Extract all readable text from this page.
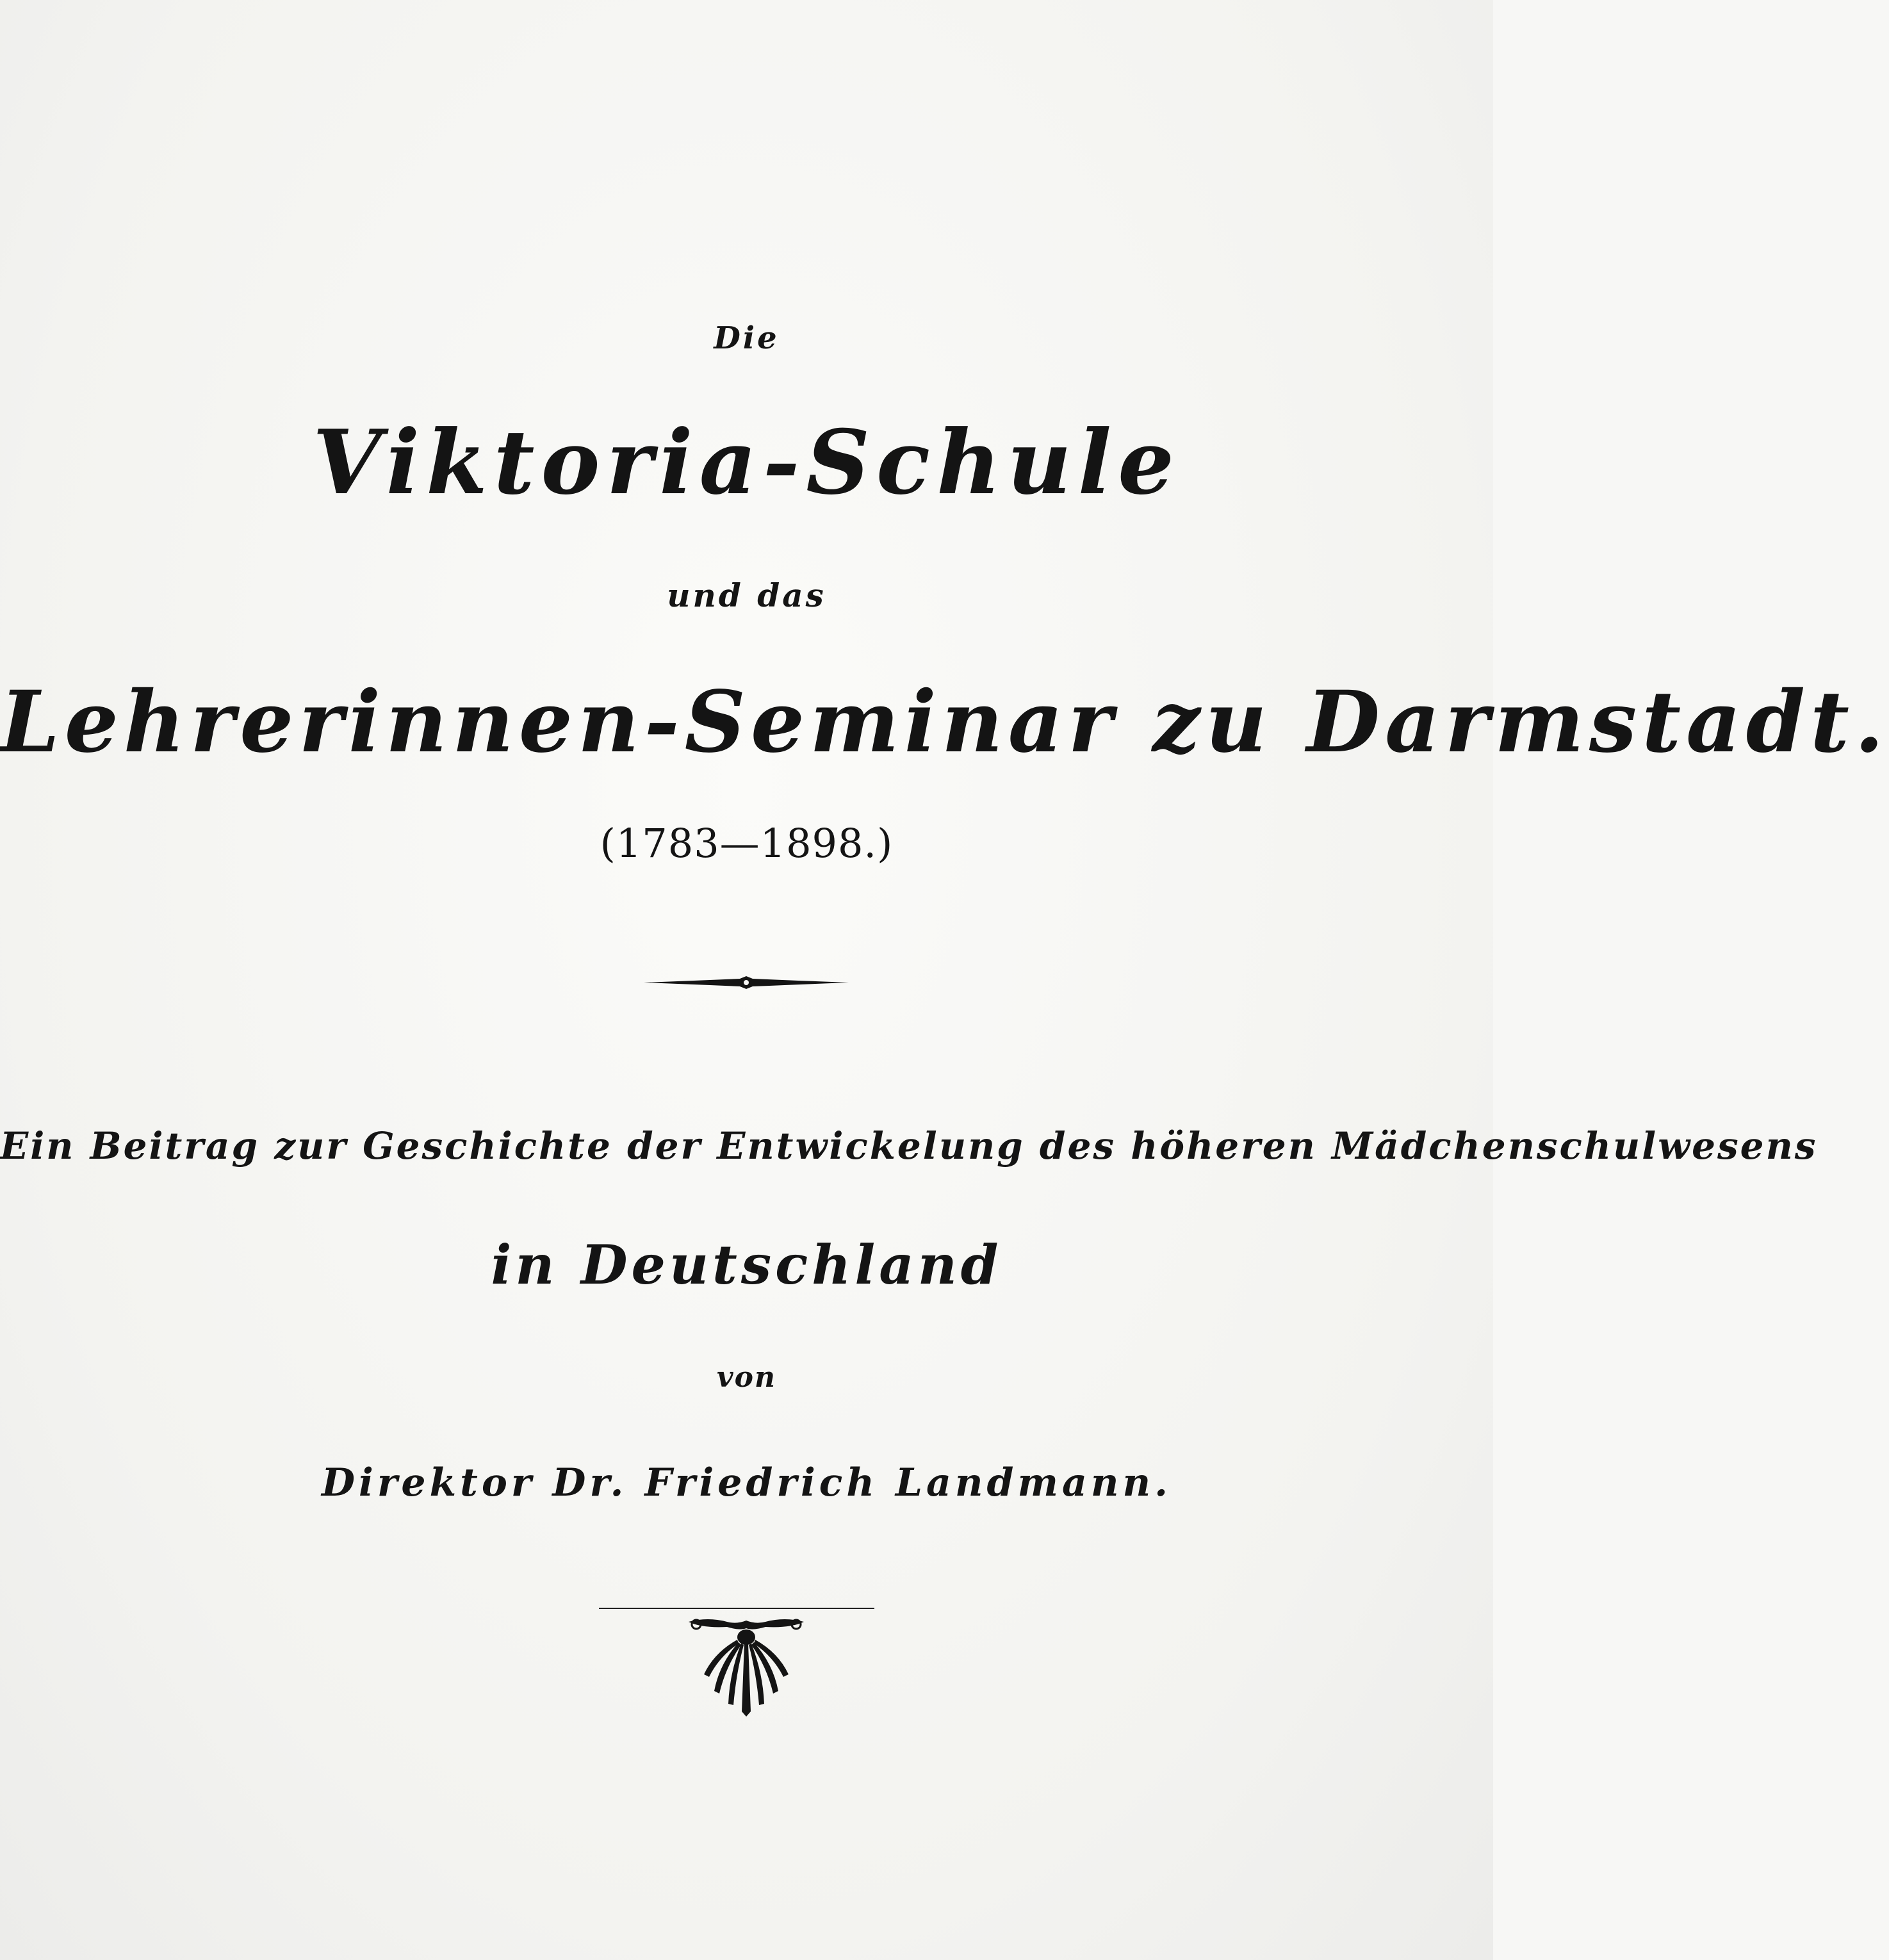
Die
Viktoria-Schule
und das
Lehrerinnen-Seminar zu Darmstadt.
(1783—1898.)
Ein Beitrag zur Geschichte der Entwickelung des höheren Mädchenschulwesens
in Deutschland
von
Direktor Dr. Friedrich Landmann.
